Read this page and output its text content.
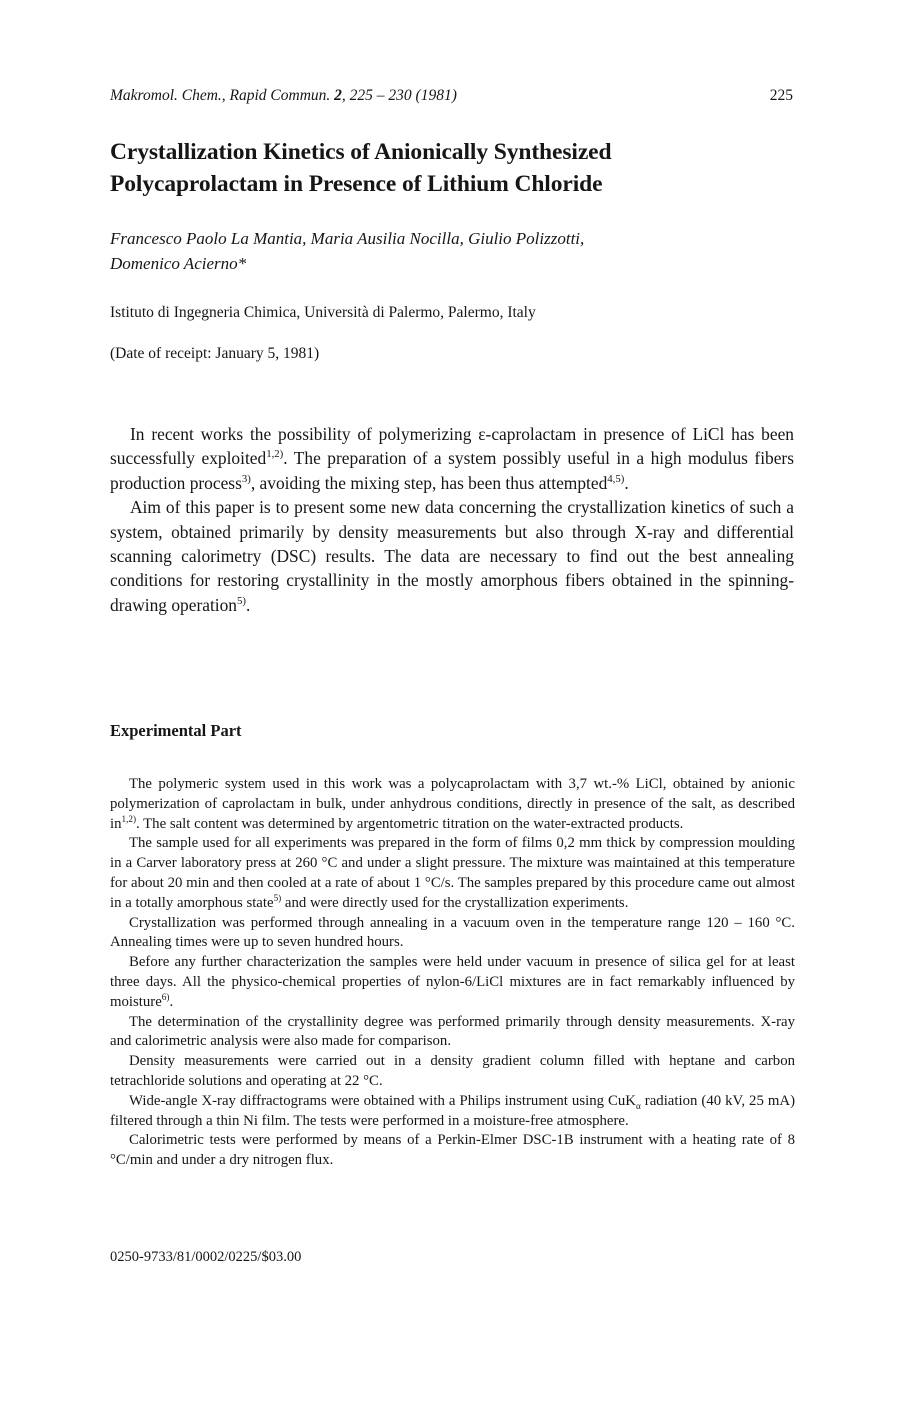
Makromol. Chem., Rapid Commun. 2, 225 – 230 (1981)	225
Crystallization Kinetics of Anionically Synthesized
Polycaprolactam in Presence of Lithium Chloride
Francesco Paolo La Mantia, Maria Ausilia Nocilla, Giulio Polizzotti,
Domenico Acierno*
Istituto di Ingegneria Chimica, Università di Palermo, Palermo, Italy
(Date of receipt: January 5, 1981)

In recent works the possibility of polymerizing ε-caprolactam in presence of LiCl has been successfully exploited$^{1,2)}$. The preparation of a system possibly useful in a high modulus fibers production process$^{3)}$, avoiding the mixing step, has been thus attempted$^{4,5)}$.

Aim of this paper is to present some new data concerning the crystallization kinetics of such a system, obtained primarily by density measurements but also through X-ray and differential scanning calorimetry (DSC) results. The data are necessary to find out the best annealing conditions for restoring crystallinity in the mostly amorphous fibers obtained in the spinning-drawing operation$^{5)}$.

Experimental Part

The polymeric system used in this work was a polycaprolactam with 3,7 wt.-% LiCl, obtained by anionic polymerization of caprolactam in bulk, under anhydrous conditions, directly in presence of the salt, as described in$^{1,2)}$. The salt content was determined by argentometric titration on the water-extracted products.

The sample used for all experiments was prepared in the form of films 0,2 mm thick by compression moulding in a Carver laboratory press at 260 °C and under a slight pressure. The mixture was maintained at this temperature for about 20 min and then cooled at a rate of about 1 °C/s. The samples prepared by this procedure came out almost in a totally amorphous state$^{5)}$ and were directly used for the crystallization experiments.

Crystallization was performed through annealing in a vacuum oven in the temperature range 120 – 160 °C. Annealing times were up to seven hundred hours.

Before any further characterization the samples were held under vacuum in presence of silica gel for at least three days. All the physico-chemical properties of nylon-6/LiCl mixtures are in fact remarkably influenced by moisture$^{6)}$.

The determination of the crystallinity degree was performed primarily through density measurements. X-ray and calorimetric analysis were also made for comparison.

Density measurements were carried out in a density gradient column filled with heptane and carbon tetrachloride solutions and operating at 22 °C.

Wide-angle X-ray diffractograms were obtained with a Philips instrument using CuK$_\alpha$ radiation (40 kV, 25 mA) filtered through a thin Ni film. The tests were performed in a moisture-free atmosphere.

Calorimetric tests were performed by means of a Perkin-Elmer DSC-1B instrument with a heating rate of 8 °C/min and under a dry nitrogen flux.

0250-9733/81/0002/0225/$03.00
